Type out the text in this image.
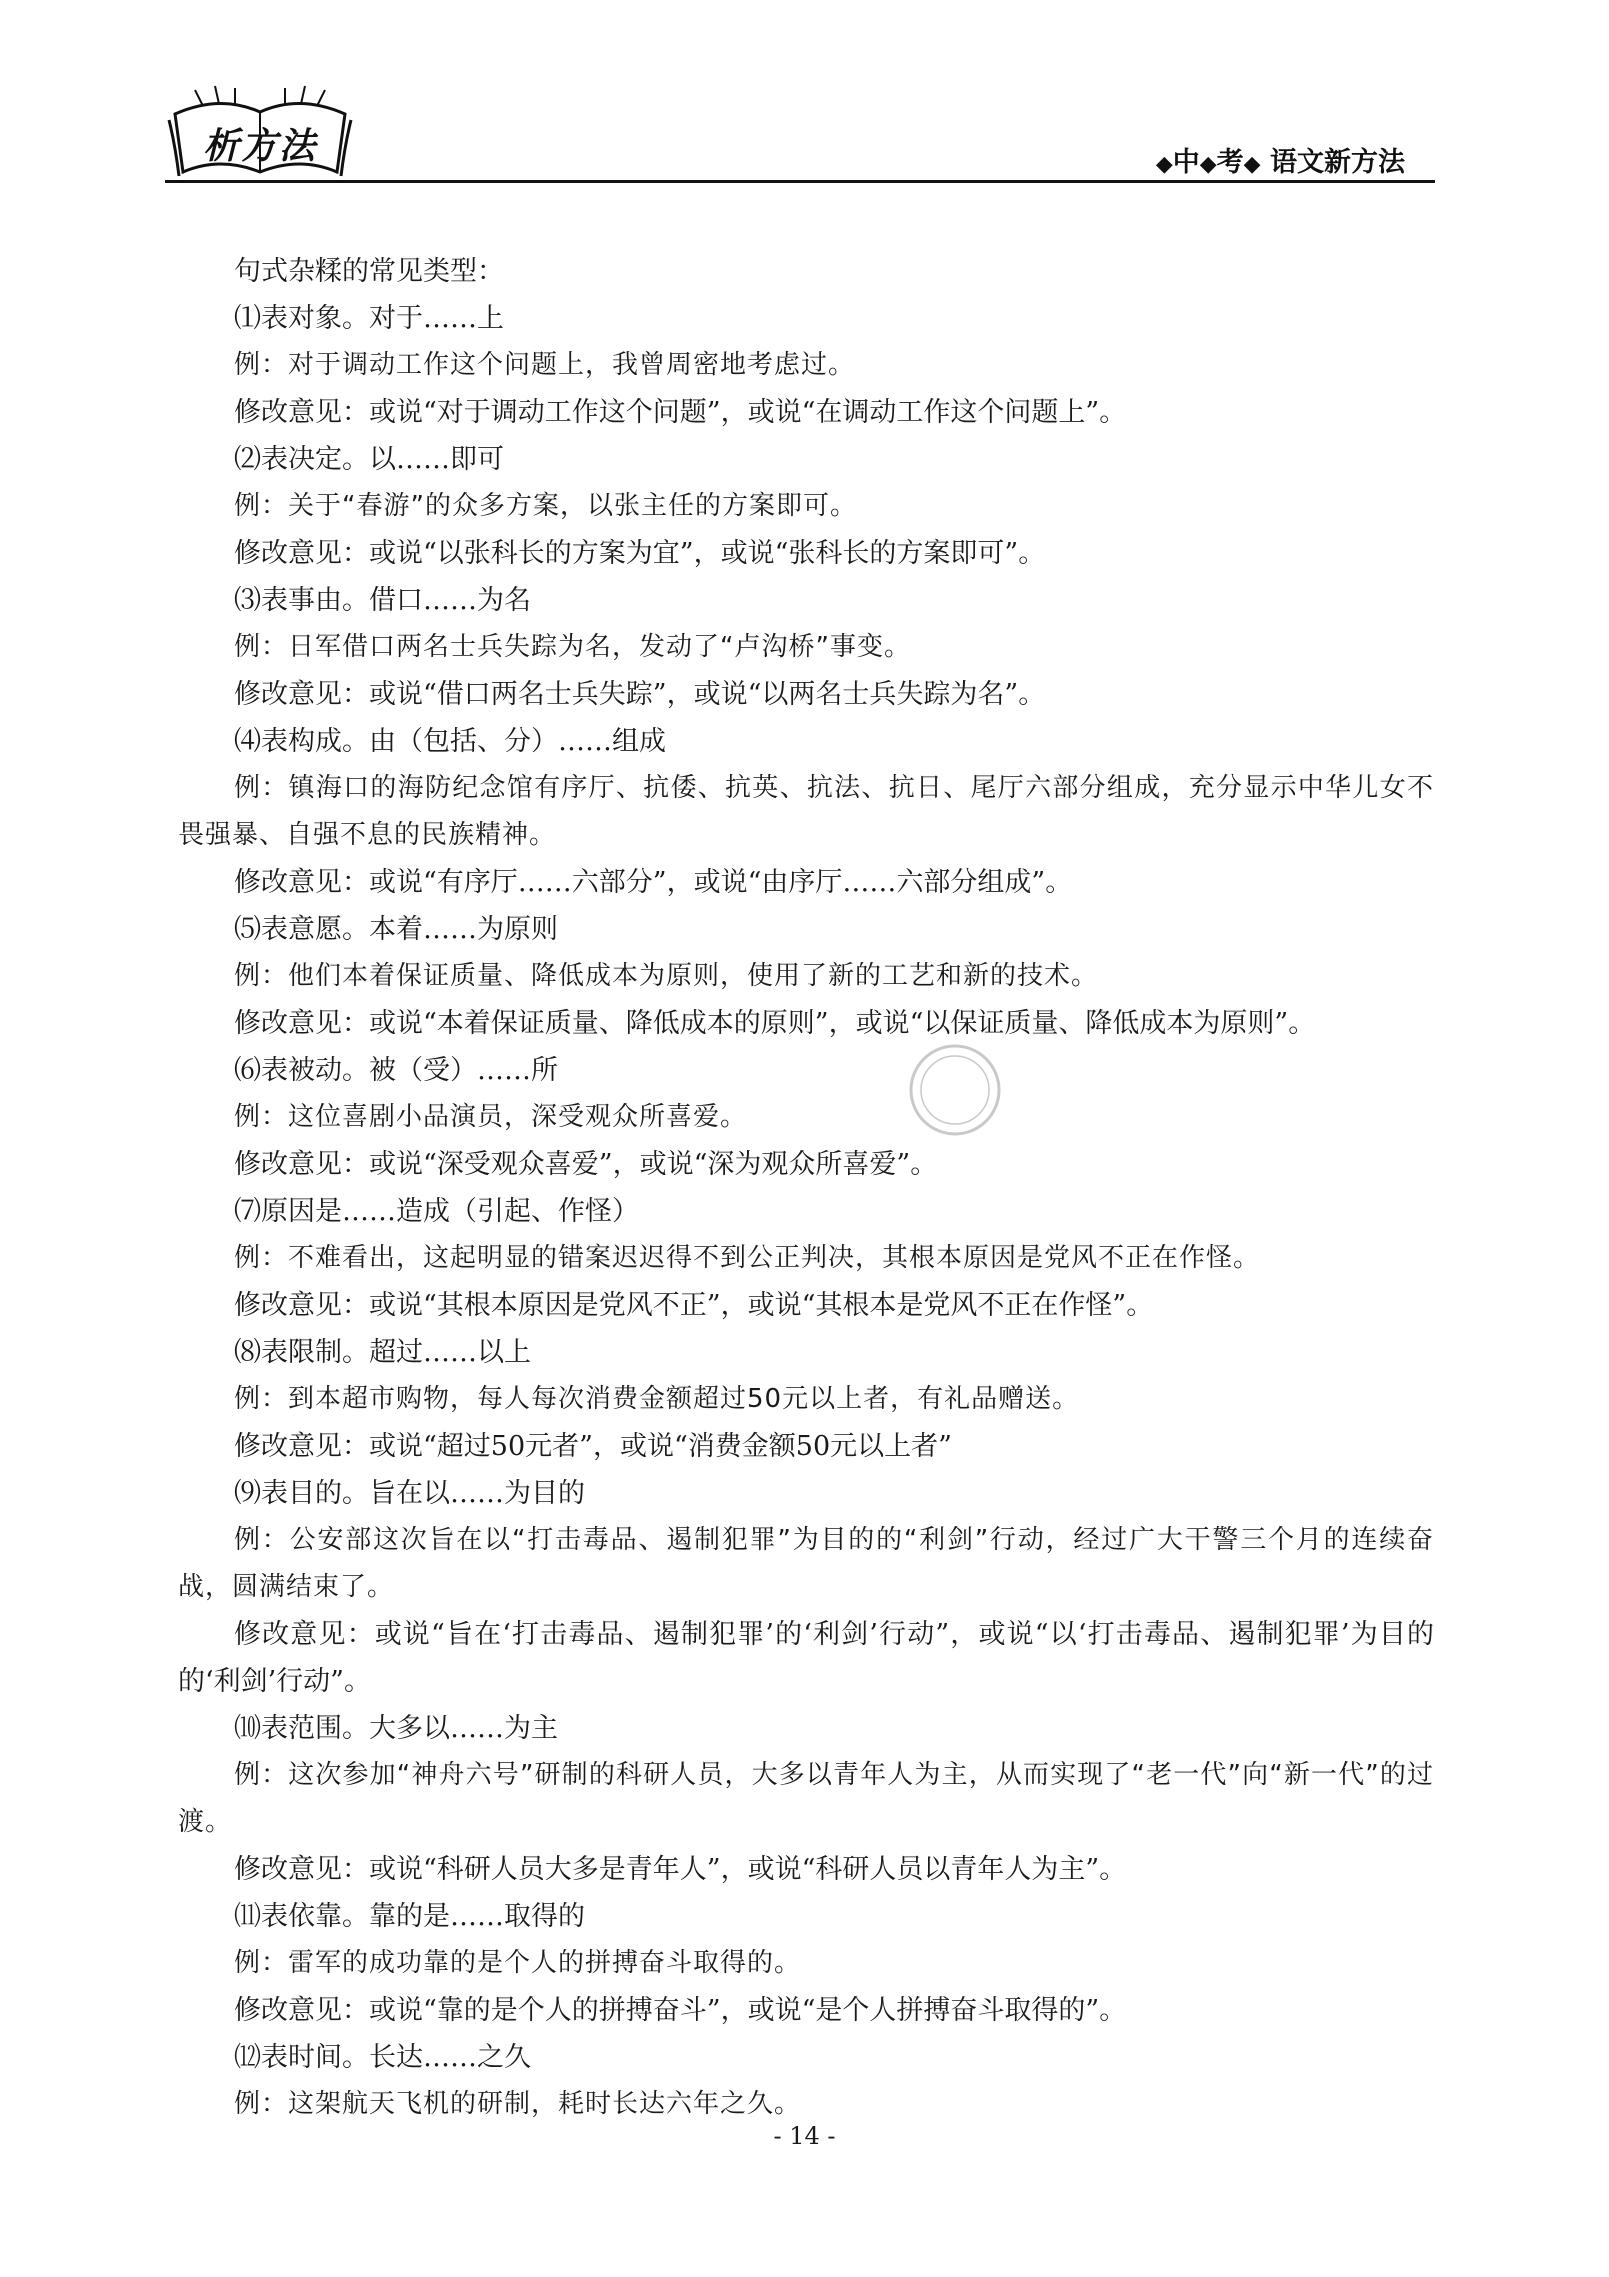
析方法	◆中◆考◆ 语文新方法
句式杂糅的常见类型：
⑴表对象。对于……上
例：对于调动工作这个问题上，我曾周密地考虑过。
修改意见：或说“对于调动工作这个问题”，或说“在调动工作这个问题上”。
⑵表决定。以……即可
例：关于“春游”的众多方案，以张主任的方案即可。
修改意见：或说“以张科长的方案为宜”，或说“张科长的方案即可”。
⑶表事由。借口……为名
例：日军借口两名士兵失踪为名，发动了“卢沟桥”事变。
修改意见：或说“借口两名士兵失踪”，或说“以两名士兵失踪为名”。
⑷表构成。由（包括、分）……组成
例：镇海口的海防纪念馆有序厅、抗倭、抗英、抗法、抗日、尾厅六部分组成，充分显示中华儿女不畏强暴、自强不息的民族精神。
修改意见：或说“有序厅……六部分”，或说“由序厅……六部分组成”。
⑸表意愿。本着……为原则
例：他们本着保证质量、降低成本为原则，使用了新的工艺和新的技术。
修改意见：或说“本着保证质量、降低成本的原则”，或说“以保证质量、降低成本为原则”。
⑹表被动。被（受）……所
例：这位喜剧小品演员，深受观众所喜爱。
修改意见：或说“深受观众喜爱”，或说“深为观众所喜爱”。
⑺原因是……造成（引起、作怪）
例：不难看出，这起明显的错案迟迟得不到公正判决，其根本原因是党风不正在作怪。
修改意见：或说“其根本原因是党风不正”，或说“其根本是党风不正在作怪”。
⑻表限制。超过……以上
例：到本超市购物，每人每次消费金额超过50元以上者，有礼品赠送。
修改意见：或说“超过50元者”，或说“消费金额50元以上者”
⑼表目的。旨在以……为目的
例：公安部这次旨在以“打击毒品、遏制犯罪”为目的的“利剑”行动，经过广大干警三个月的连续奋战，圆满结束了。
修改意见：或说“旨在‘打击毒品、遏制犯罪’的‘利剑’行动”，或说“以‘打击毒品、遏制犯罪’为目的的‘利剑’行动”。
⑽表范围。大多以……为主
例：这次参加“神舟六号”研制的科研人员，大多以青年人为主，从而实现了“老一代”向“新一代”的过渡。
修改意见：或说“科研人员大多是青年人”，或说“科研人员以青年人为主”。
⑾表依靠。靠的是……取得的
例：雷军的成功靠的是个人的拼搏奋斗取得的。
修改意见：或说“靠的是个人的拼搏奋斗”，或说“是个人拼搏奋斗取得的”。
⑿表时间。长达……之久
例：这架航天飞机的研制，耗时长达六年之久。
- 14 -
